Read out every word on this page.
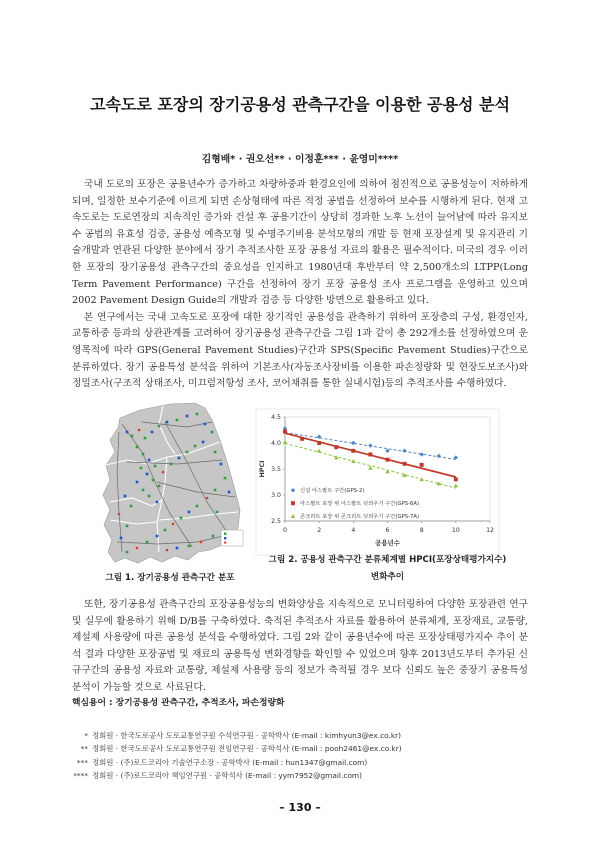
고속도로 포장의 장기공용성 관측구간을 이용한 공용성 분석
김형배* · 권오선** · 이정훈*** · 윤영미****

국내 도로의 포장은 공용년수가 증가하고 차량하중과 환경요인에 의하여 점진적으로 공용성능이 저하하게 되며, 일정한 보수기준에 이르게 되면 손상형태에 따른 적정 공법을 선정하여 보수를 시행하게 된다. 현재 고속도로는 도로연장의 지속적인 증가와 건설 후 공용기간이 상당히 경과한 노후 노선이 늘어남에 따라 유지보수 공법의 유효성 검증, 공용성 예측모형 및 수명주기비용 분석모형의 개발 등 현재 포장설계 및 유지관리 기술개발과 연관된 다양한 분야에서 장기 추적조사한 포장 공용성 자료의 활용은 필수적이다. 미국의 경우 이러한 포장의 장기공용성 관측구간의 중요성을 인지하고 1980년대 후반부터 약 2,500개소의 LTPP(Long Term Pavement Performance) 구간을 선정하여 장기 포장 공용성 조사 프로그램을 운영하고 있으며 2002 Pavement Design Guide의 개발과 검증 등 다양한 방면으로 활용하고 있다.

본 연구에서는 국내 고속도로 포장에 대한 장기적인 공용성을 관측하기 위하여 포장층의 구성, 환경인자, 교통하중 등과의 상관관계를 고려하여 장기공용성 관측구간을 그림 1과 같이 총 292개소를 선정하였으며 운영목적에 따라 GPS(General Pavement Studies)구간과 SPS(Specific Pavement Studies)구간으로 분류하였다. 장기 공용특성 분석을 위하여 기본조사(자동조사장비를 이용한 파손정량화 및 현장도보조사)와 정밀조사(구조적 상태조사, 미끄럼저항성 조사, 코어채취를 통한 실내시험)등의 추적조사를 수행하였다.

그림 1. 장기공용성 관측구간 분포
2.5
3.0
3.5
4.0
4.5
0	2	4	6	8	10	12
공용년수
HPCI
신설 아스팔트 구간(GPS-2)
아스팔트 포장 위 아스팔트 덧씌우기 구간(GPS-6A)
콘크리트 포장 위 콘크리트 덧씌우기 구간(GPS-7A)
그림 2. 공용성 관측구간 분류체계별 HPCI(포장상태평가지수)
변화추이

또한, 장기공용성 관측구간의 포장공용성능의 변화양상을 지속적으로 모니터링하여 다양한 포장관련 연구 및 실무에 활용하기 위해 D/B를 구축하였다. 축적된 추적조사 자료를 활용하여 분류체계, 포장재료, 교통량, 제설제 사용량에 따른 공용성 분석을 수행하였다. 그림 2와 같이 공용년수에 따른 포장상태평가지수 추이 분석 결과 다양한 포장공법 및 재료의 공용특성 변화경향을 확인할 수 있었으며 향후 2013년도부터 추가된 신규구간의 공용성 자료와 교통량, 제설제 사용량 등의 정보가 축적될 경우 보다 신뢰도 높은 중장기 공용특성 분석이 가능할 것으로 사료된다.

핵심용어 : 장기공용성 관측구간, 추적조사, 파손정량화
* 정회원 · 한국도로공사 도로교통연구원 수석연구원 · 공학박사 (E-mail : kimhyun3@ex.co.kr)
** 정회원 · 한국도로공사 도로교통연구원 전임연구원 · 공학석사 (E-mail : pooh2461@ex.co.kr)
*** 정회원 · (주)로드코리아 기술연구소장 · 공학박사 (E-mail : hun1347@gmail.com)
**** 정회원 · (주)로드코리아 책임연구원 · 공학석사 (E-mail : yym7952@gmail.com)
– 130 –
